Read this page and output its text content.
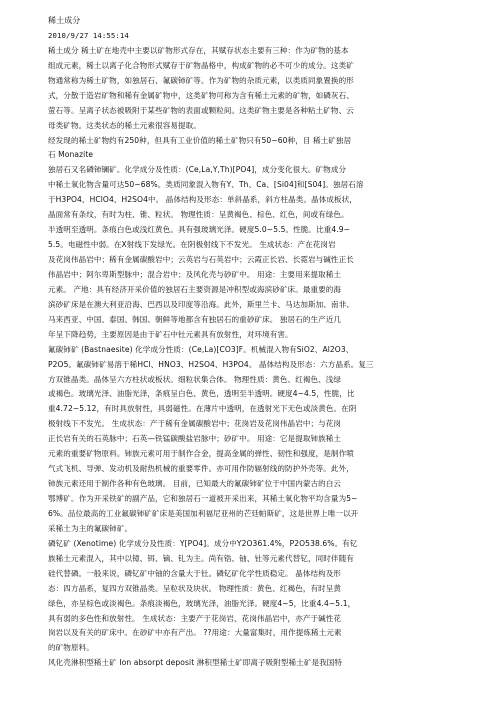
稀土成分
2010/9/27 14:55:14
稀土成分 稀土矿在地壳中主要以矿物形式存在，其赋存状态主要有三种：作为矿物的基本
组成元素，稀土以离子化合物形式赋存于矿物晶格中，构成矿物的必不可少的成分。这类矿
物通常称为稀土矿物，如独居石、氟碳铈矿等。作为矿物的杂质元素，以类质同象置换的形
式，分散于造岩矿物和稀有金属矿物中，这类矿物可称为含有稀土元素的矿物，如磷灰石、
萤石等。呈离子状态被吸附于某些矿物的表面或颗粒间。这类矿物主要是各种粘土矿物、云
母类矿物。这类状态的稀土元素很容易提取。
经发现的稀土矿物约有250种，但具有工业价值的稀土矿物只有50~60种，目 稀土矿独居
石 Monazite
独居石又名磷铈镧矿。化学成分及性质：(Ce,La,Y,Th)[PO4]，成分变化很大。矿物成分
中稀土氧化物含量可达50~68%。类质同象混入物有Y、Th、Ca、[Si04]和[S04]。独居石溶
于H3PO4、HClO4、H2SO4中。 晶体结构及形态：单斜晶系，斜方柱晶类。晶体成板状，
晶面常有条纹，有时为柱、锥、粒状。 物理性质：呈黄褐色、棕色、红色，间或有绿色。
半透明至透明。条痕白色或浅红黄色。具有强玻璃光泽。硬度5.0~5.5。性脆。比重4.9~
5.5。电磁性中弱。在X射线下发绿光。在阴极射线下不发光。 生成状态：产在花岗岩
及花岗伟晶岩中；稀有金属碳酸岩中；云英岩与石英岩中；云霞正长岩、长霓岩与碱性正长
伟晶岩中；阿尔卑斯型脉中；混合岩中；及风化壳与砂矿中。 用途：主要用来提取稀土
元素。 产地：具有经济开采价值的独居石主要资源是冲积型或海滨砂矿床。最重要的海
滨砂矿床是在澳大利亚沿海、巴西以及印度等沿海。此外，斯里兰卡、马达加斯加、南非、
马来西亚、中国、泰国、韩国、朝鲜等地都含有独居石的重砂矿床。 独居石的生产近几
年呈下降趋势，主要原因是由于矿石中钍元素具有放射性，对环境有害。
氟碳铈矿 (Bastnaesite) 化学成分性质：(Ce,La)[CO3]F。机械混入物有SiO2、Al2O3、
P2O5。氟碳铈矿易溶于稀HCl、HNO3、H2SO4、H3PO4。 晶体结构及形态：六方晶系。复三
方双锥晶类。晶体呈六方柱状或板状。细粒状集合体。 物理性质：黄色、红褐色、浅绿
或褐色。玻璃光泽、油脂光泽，条痕呈白色、黄色，透明至半透明。硬度4~4.5，性脆，比
重4.72~5.12，有时具放射性，具弱磁性。在薄片中透明，在透射光下无色或淡黄色。在阴
极射线下不发光。 生成状态：产于稀有金属碳酸岩中；花岗岩及花岗伟晶岩中；与花岗
正长岩有关的石英脉中；石英—铁锰碳酸盐岩脉中；砂矿中。 用途：它是提取铈族稀土
元素的重要矿物原料。铈族元素可用于制作合金，提高金属的弹性、韧性和强度，是制作喷
气式飞机、导弹、发动机及耐热机械的重要零件。亦可用作防辐射线的防护外壳等。此外，
铈族元素还用于制作各种有色玻璃。 目前，已知最大的氟碳铈矿位于中国内蒙古的白云
鄂博矿。作为开采铁矿的副产品，它和独居石一道被开采出来，其稀土氧化物平均含量为5~
6%。品位最高的工业氟碳铈矿矿床是美国加利福尼亚州的芒廷帕斯矿，这是世界上唯一以开
采稀土为主的氟碳铈矿。
磷钇矿 (Xenotime) 化学成分及性质：Y[PO4]。成分中Y2O361.4%，P2O538.6%。有钇
族稀土元素混入，其中以镱、铒、镝、钆为主。尚有锆、铀、钍等元素代替钇，同时伴随有
硅代替磷。一般来说，磷钇矿中铀的含量大于钍。磷钇矿化学性质稳定。 晶体结构及形
态：四方晶系，复四方双锥晶类。呈粒状及块状。 物理性质：黄色、红褐色，有时呈黄
绿色，亦呈棕色或淡褐色。条痕淡褐色，玻璃光泽，油脂光泽。硬度4~5，比重4.4~5.1，
具有弱的多色性和放射性。 生成状态：主要产于花岗岩、花岗伟晶岩中，亦产于碱性花
岗岩以及有关的矿床中。在砂矿中亦有产出。 ??用途：大量富集时，用作提炼稀土元素
的矿物原料。
风化壳淋积型稀土矿 Ion absorpt deposit 淋积型稀土矿即离子吸附型稀土矿是我国特
